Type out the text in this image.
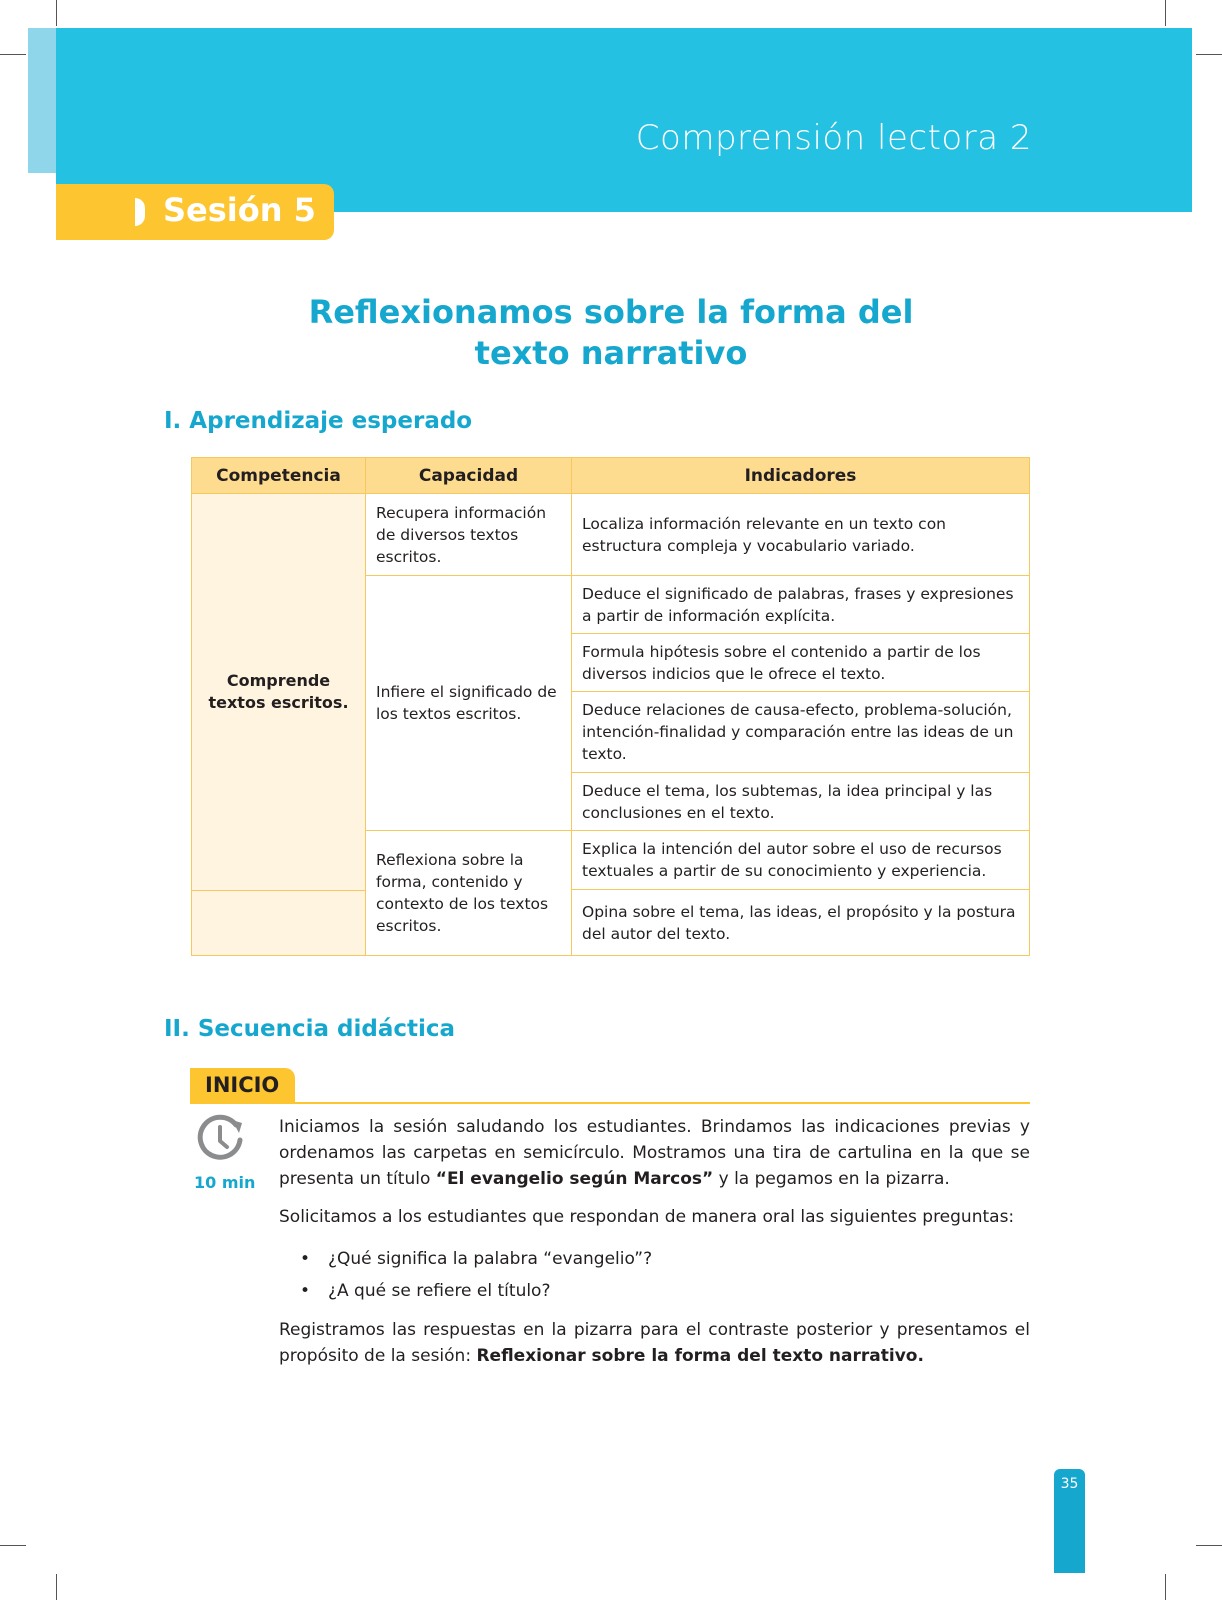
Comprensión lectora 2
Sesión 5
Reflexionamos sobre la forma del
texto narrativo
I. Aprendizaje esperado
Competencia	Capacidad	Indicadores
Comprende textos escritos.	Recupera información de diversos textos escritos.	Localiza información relevante en un texto con estructura compleja y vocabulario variado.
	Infiere el significado de los textos escritos.	Deduce el significado de palabras, frases y expresiones a partir de información explícita.
		Formula hipótesis sobre el contenido a partir de los diversos indicios que le ofrece el texto.
		Deduce relaciones de causa-efecto, problema-solución, intención-finalidad y comparación entre las ideas de un texto.
		Deduce el tema, los subtemas, la idea principal y las conclusiones en el texto.
	Reflexiona sobre la forma, contenido y contexto de los textos escritos.	Explica la intención del autor sobre el uso de recursos textuales a partir de su conocimiento y experiencia.
		Opina sobre el tema, las ideas, el propósito y la postura del autor del texto.

II. Secuencia didáctica
INICIO
10 min

Iniciamos la sesión saludando los estudiantes. Brindamos las indicaciones previas y ordenamos las carpetas en semicírculo. Mostramos una tira de cartulina en la que se presenta un título “El evangelio según Marcos” y la pegamos en la pizarra.

Solicitamos a los estudiantes que respondan de manera oral las siguientes preguntas:

• ¿Qué significa la palabra “evangelio”?
• ¿A qué se refiere el título?

Registramos las respuestas en la pizarra para el contraste posterior y presentamos el propósito de la sesión: Reflexionar sobre la forma del texto narrativo.

35
